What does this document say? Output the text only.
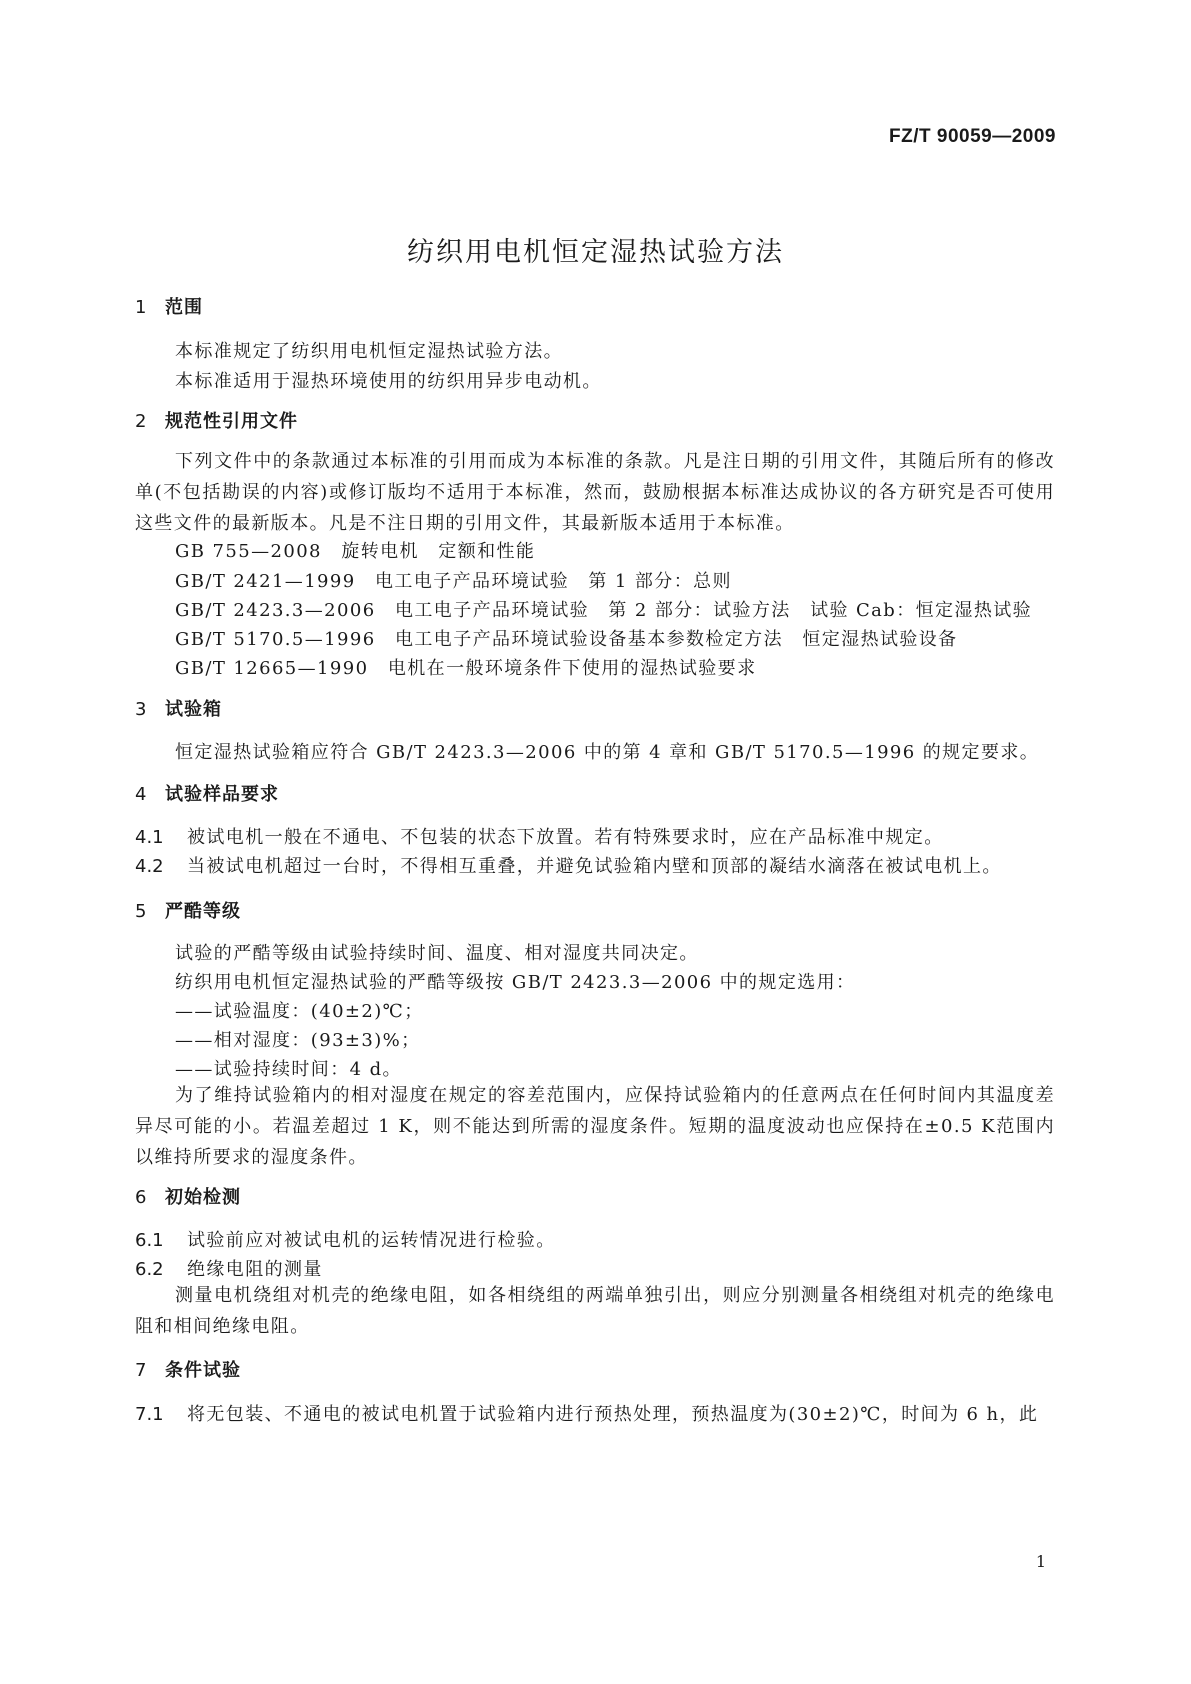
FZ/T 90059—2009
纺织用电机恒定湿热试验方法
1 范围
本标准规定了纺织用电机恒定湿热试验方法。
本标准适用于湿热环境使用的纺织用异步电动机。
2 规范性引用文件
下列文件中的条款通过本标准的引用而成为本标准的条款。凡是注日期的引用文件，其随后所有的修改单(不包括勘误的内容)或修订版均不适用于本标准，然而，鼓励根据本标准达成协议的各方研究是否可使用这些文件的最新版本。凡是不注日期的引用文件，其最新版本适用于本标准。
GB 755—2008　旋转电机　定额和性能
GB/T 2421—1999　电工电子产品环境试验　第 1 部分：总则
GB/T 2423.3—2006　电工电子产品环境试验　第 2 部分：试验方法　试验 Cab：恒定湿热试验
GB/T 5170.5—1996　电工电子产品环境试验设备基本参数检定方法　恒定湿热试验设备
GB/T 12665—1990　电机在一般环境条件下使用的湿热试验要求
3 试验箱
恒定湿热试验箱应符合 GB/T 2423.3—2006 中的第 4 章和 GB/T 5170.5—1996 的规定要求。
4 试验样品要求
4.1 被试电机一般在不通电、不包装的状态下放置。若有特殊要求时，应在产品标准中规定。
4.2 当被试电机超过一台时，不得相互重叠，并避免试验箱内壁和顶部的凝结水滴落在被试电机上。
5 严酷等级
试验的严酷等级由试验持续时间、温度、相对湿度共同决定。
纺织用电机恒定湿热试验的严酷等级按 GB/T 2423.3—2006 中的规定选用：
——试验温度：(40±2)℃；
——相对湿度：(93±3)%；
——试验持续时间：4 d。
为了维持试验箱内的相对湿度在规定的容差范围内，应保持试验箱内的任意两点在任何时间内其温度差异尽可能的小。若温差超过 1 K，则不能达到所需的湿度条件。短期的温度波动也应保持在±0.5 K范围内以维持所要求的湿度条件。
6 初始检测
6.1 试验前应对被试电机的运转情况进行检验。
6.2 绝缘电阻的测量
测量电机绕组对机壳的绝缘电阻，如各相绕组的两端单独引出，则应分别测量各相绕组对机壳的绝缘电阻和相间绝缘电阻。
7 条件试验
7.1 将无包装、不通电的被试电机置于试验箱内进行预热处理，预热温度为(30±2)℃，时间为 6 h，此
1
